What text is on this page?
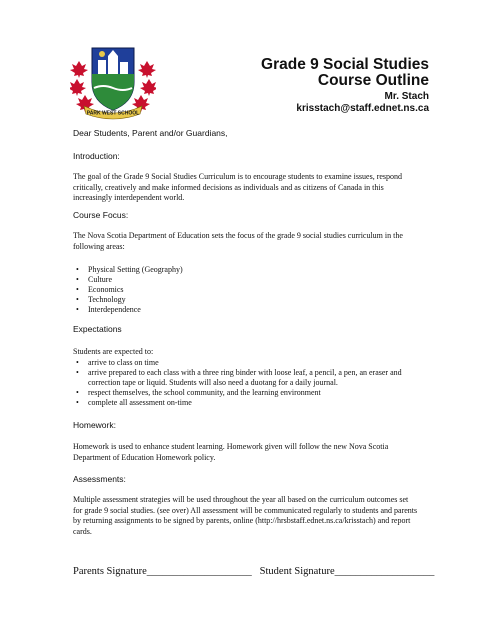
PARK WEST SCHOOL
Grade 9 Social Studies
Course Outline
Mr. Stach
krisstach@staff.ednet.ns.ca
Dear Students, Parent and/or Guardians,
Introduction:
The goal of the Grade 9 Social Studies Curriculum is to encourage students to examine issues, respond critically, creatively and make informed decisions as individuals and as citizens of Canada in this increasingly interdependent world.
Course Focus:
The Nova Scotia Department of Education sets the focus of the grade 9 social studies curriculum in the following areas:
• Physical Setting (Geography)
• Culture
• Economics
• Technology
• Interdependence
Expectations
Students are expected to:
• arrive to class on time
• arrive prepared to each class with a three ring binder with loose leaf, a pencil, a pen, an eraser and correction tape or liquid. Students will also need a duotang for a daily journal.
• respect themselves, the school community, and the learning environment
• complete all assessment on-time
Homework:
Homework is used to enhance student learning. Homework given will follow the new Nova Scotia Department of Education Homework policy.
Assessments:
Multiple assessment strategies will be used throughout the year all based on the curriculum outcomes set for grade 9 social studies. (see over) All assessment will be communicated regularly to students and parents by returning assignments to be signed by parents, online (http://hrsbstaff.ednet.ns.ca/krisstach) and report cards.
Parents Signature____________________ Student Signature___________________
